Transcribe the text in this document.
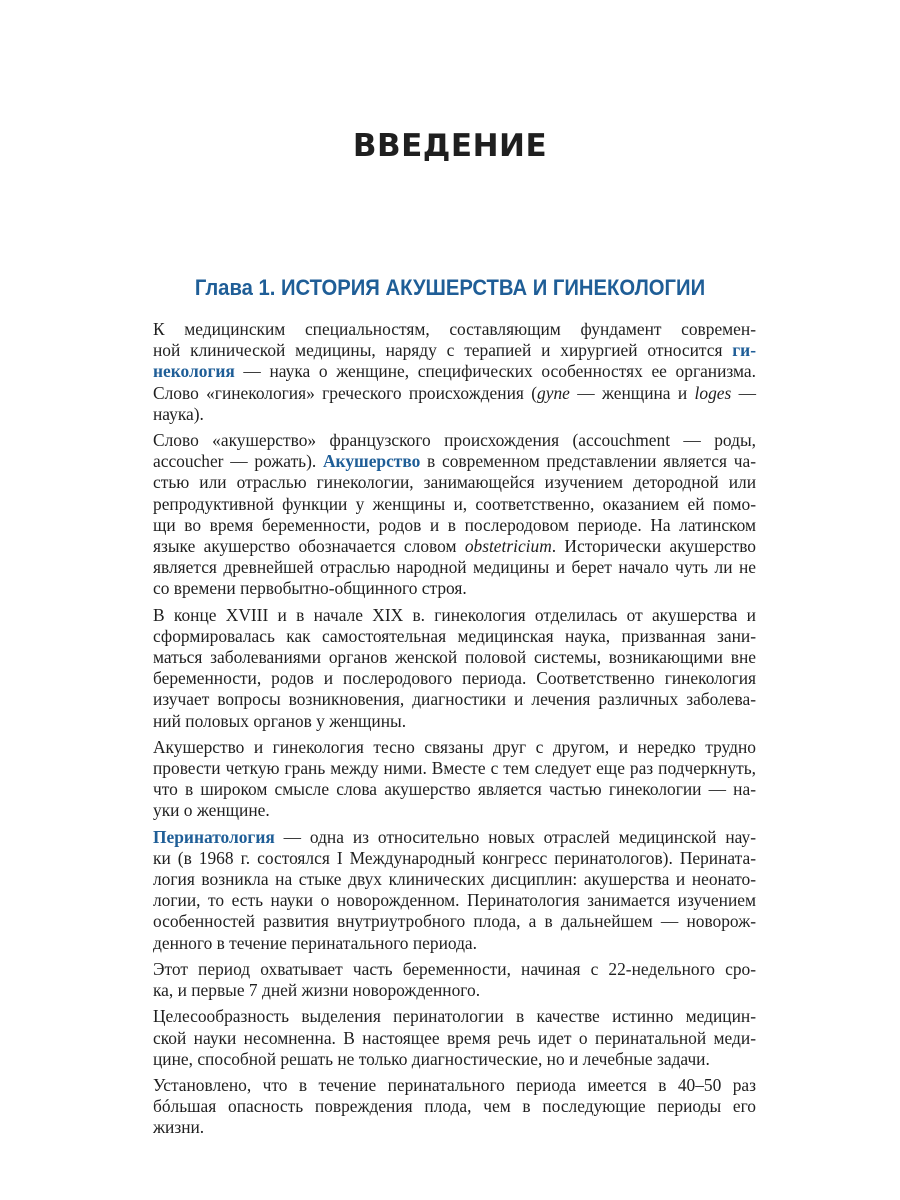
ВВЕДЕНИЕ
Глава 1. ИСТОРИЯ АКУШЕРСТВА И ГИНЕКОЛОГИИ
К медицинским специальностям, составляющим фундамент современ-
ной клинической медицины, наряду с терапией и хирургией относится ги-
некология — наука о женщине, специфических особенностях ее организма.
Слово «гинекология» греческого происхождения (gyne — женщина и loges —
наука).
Слово «акушерство» французского происхождения (accouchment — роды,
accoucher — рожать). Акушерство в современном представлении является ча-
стью или отраслью гинекологии, занимающейся изучением детородной или
репродуктивной функции у женщины и, соответственно, оказанием ей помо-
щи во время беременности, родов и в послеродовом периоде. На латинском
языке акушерство обозначается словом obstetricium. Исторически акушерство
является древнейшей отраслью народной медицины и берет начало чуть ли не
со времени первобытно-общинного строя.
В конце XVIII и в начале XIX в. гинекология отделилась от акушерства и
сформировалась как самостоятельная медицинская наука, призванная зани-
маться заболеваниями органов женской половой системы, возникающими вне
беременности, родов и послеродового периода. Соответственно гинекология
изучает вопросы возникновения, диагностики и лечения различных заболева-
ний половых органов у женщины.
Акушерство и гинекология тесно связаны друг с другом, и нередко трудно
провести четкую грань между ними. Вместе с тем следует еще раз подчеркнуть,
что в широком смысле слова акушерство является частью гинекологии — на-
уки о женщине.
Перинатология — одна из относительно новых отраслей медицинской нау-
ки (в 1968 г. состоялся I Международный конгресс перинатологов). Перината-
логия возникла на стыке двух клинических дисциплин: акушерства и неонато-
логии, то есть науки о новорожденном. Перинатология занимается изучением
особенностей развития внутриутробного плода, а в дальнейшем — новорож-
денного в течение перинатального периода.
Этот период охватывает часть беременности, начиная с 22-недельного сро-
ка, и первые 7 дней жизни новорожденного.
Целесообразность выделения перинатологии в качестве истинно медицин-
ской науки несомненна. В настоящее время речь идет о перинатальной меди-
цине, способной решать не только диагностические, но и лечебные задачи.
Установлено, что в течение перинатального периода имеется в 40–50 раз
бóльшая опасность повреждения плода, чем в последующие периоды его
жизни.
